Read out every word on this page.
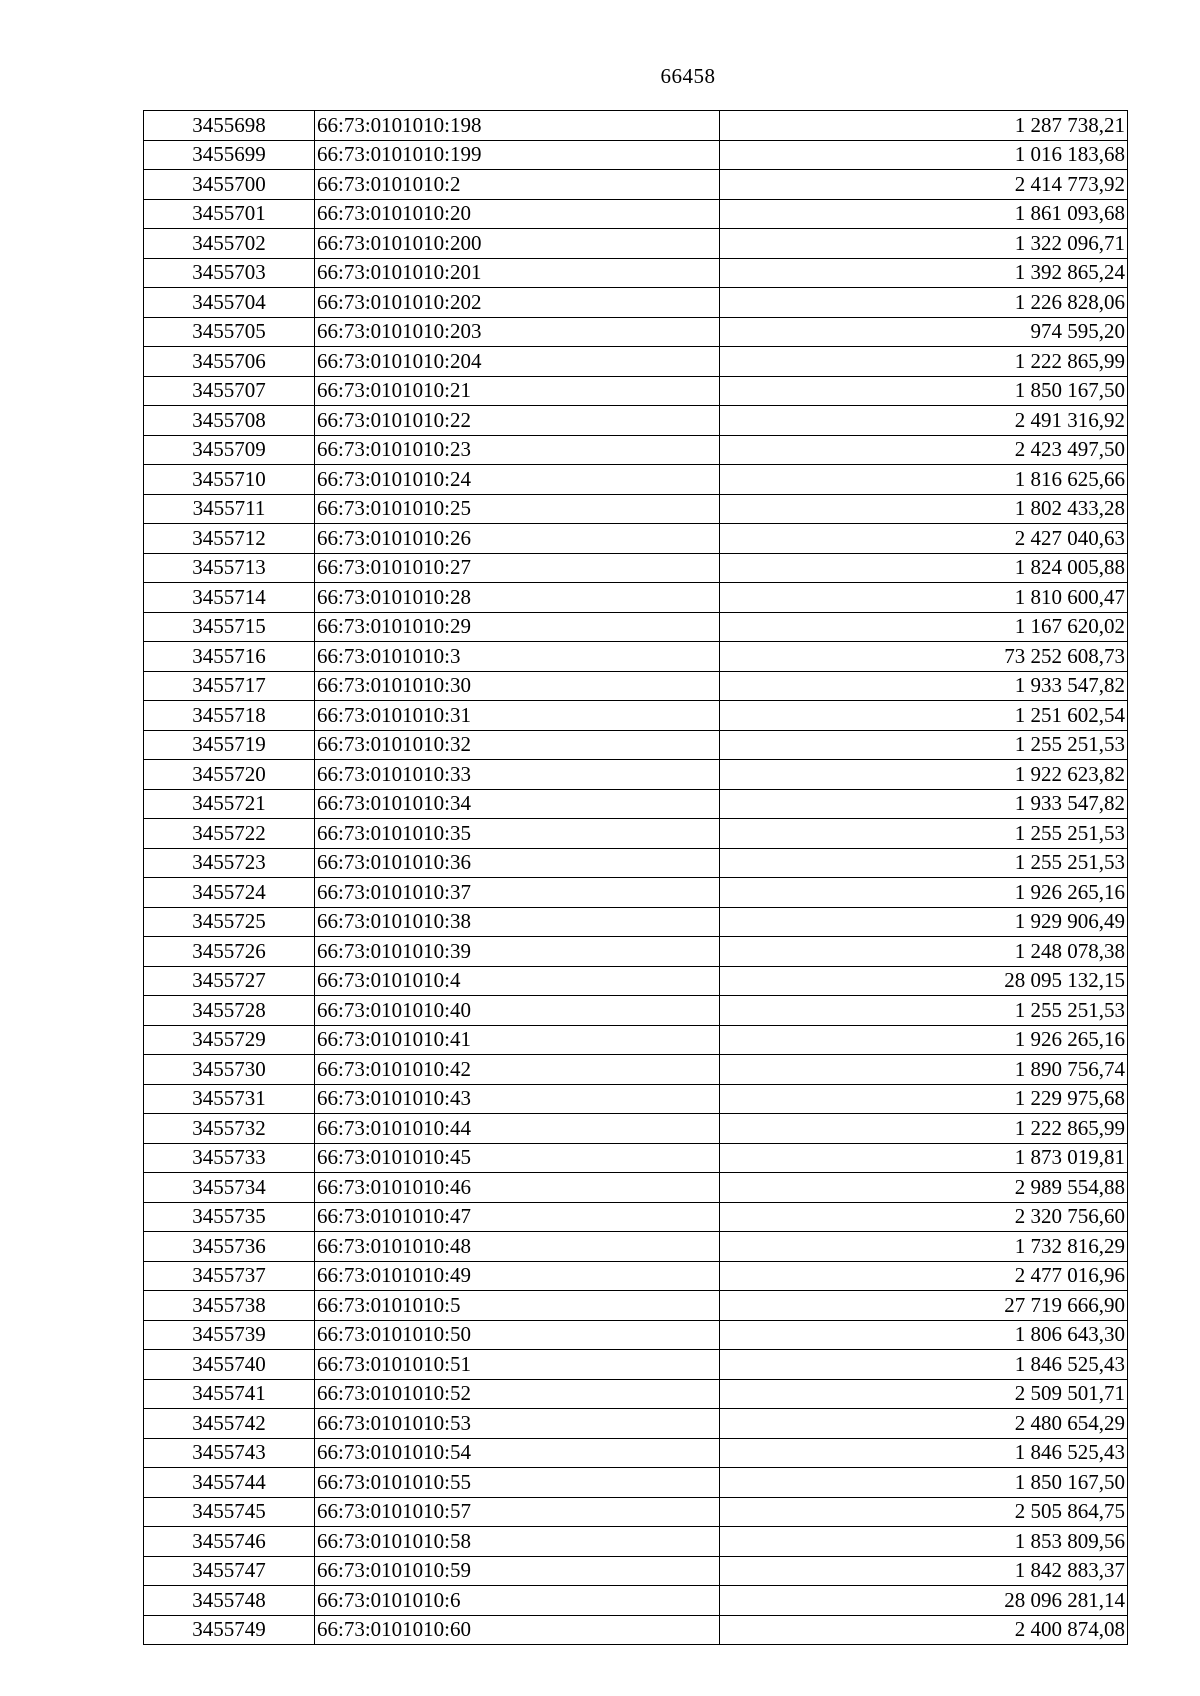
66458
3455698	66:73:0101010:198	1 287 738,21
3455699	66:73:0101010:199	1 016 183,68
3455700	66:73:0101010:2	2 414 773,92
3455701	66:73:0101010:20	1 861 093,68
3455702	66:73:0101010:200	1 322 096,71
3455703	66:73:0101010:201	1 392 865,24
3455704	66:73:0101010:202	1 226 828,06
3455705	66:73:0101010:203	974 595,20
3455706	66:73:0101010:204	1 222 865,99
3455707	66:73:0101010:21	1 850 167,50
3455708	66:73:0101010:22	2 491 316,92
3455709	66:73:0101010:23	2 423 497,50
3455710	66:73:0101010:24	1 816 625,66
3455711	66:73:0101010:25	1 802 433,28
3455712	66:73:0101010:26	2 427 040,63
3455713	66:73:0101010:27	1 824 005,88
3455714	66:73:0101010:28	1 810 600,47
3455715	66:73:0101010:29	1 167 620,02
3455716	66:73:0101010:3	73 252 608,73
3455717	66:73:0101010:30	1 933 547,82
3455718	66:73:0101010:31	1 251 602,54
3455719	66:73:0101010:32	1 255 251,53
3455720	66:73:0101010:33	1 922 623,82
3455721	66:73:0101010:34	1 933 547,82
3455722	66:73:0101010:35	1 255 251,53
3455723	66:73:0101010:36	1 255 251,53
3455724	66:73:0101010:37	1 926 265,16
3455725	66:73:0101010:38	1 929 906,49
3455726	66:73:0101010:39	1 248 078,38
3455727	66:73:0101010:4	28 095 132,15
3455728	66:73:0101010:40	1 255 251,53
3455729	66:73:0101010:41	1 926 265,16
3455730	66:73:0101010:42	1 890 756,74
3455731	66:73:0101010:43	1 229 975,68
3455732	66:73:0101010:44	1 222 865,99
3455733	66:73:0101010:45	1 873 019,81
3455734	66:73:0101010:46	2 989 554,88
3455735	66:73:0101010:47	2 320 756,60
3455736	66:73:0101010:48	1 732 816,29
3455737	66:73:0101010:49	2 477 016,96
3455738	66:73:0101010:5	27 719 666,90
3455739	66:73:0101010:50	1 806 643,30
3455740	66:73:0101010:51	1 846 525,43
3455741	66:73:0101010:52	2 509 501,71
3455742	66:73:0101010:53	2 480 654,29
3455743	66:73:0101010:54	1 846 525,43
3455744	66:73:0101010:55	1 850 167,50
3455745	66:73:0101010:57	2 505 864,75
3455746	66:73:0101010:58	1 853 809,56
3455747	66:73:0101010:59	1 842 883,37
3455748	66:73:0101010:6	28 096 281,14
3455749	66:73:0101010:60	2 400 874,08
